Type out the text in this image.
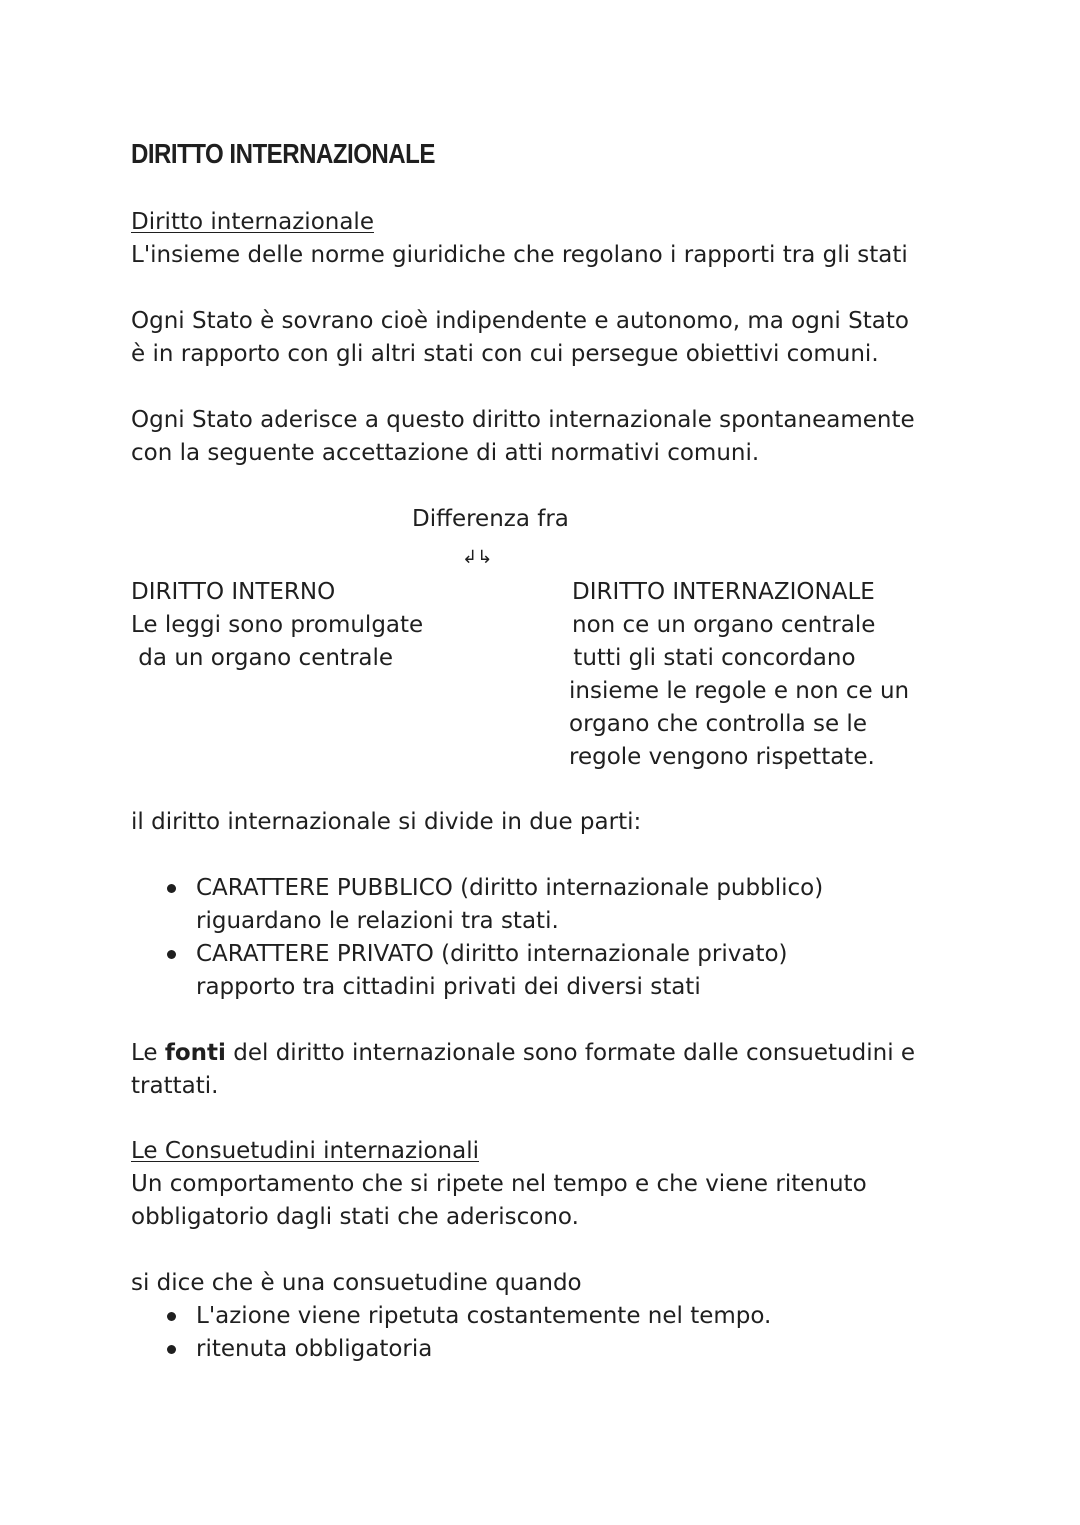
DIRITTO INTERNAZIONALE

Diritto internazionale

L'insieme delle norme giuridiche che regolano i rapporti tra gli stati

Ogni Stato è sovrano cioè indipendente e autonomo, ma ogni Stato

è in rapporto con gli altri stati con cui persegue obiettivi comuni.

Ogni Stato aderisce a questo diritto internazionale spontaneamente

con la seguente accettazione di atti normativi comuni.

Differenza fra

↲↳

DIRITTO INTERNO

Le leggi sono promulgate

da un organo centrale

DIRITTO INTERNAZIONALE

non ce un organo centrale

tutti gli stati concordano

insieme le regole e non ce un

organo che controlla se le

regole vengono rispettate.

il diritto internazionale si divide in due parti:

CARATTERE PUBBLICO (diritto internazionale pubblico)

riguardano le relazioni tra stati.

CARATTERE PRIVATO (diritto internazionale privato)

rapporto tra cittadini privati dei diversi stati

Le fonti del diritto internazionale sono formate dalle consuetudini e

trattati.

Le Consuetudini internazionali

Un comportamento che si ripete nel tempo e che viene ritenuto

obbligatorio dagli stati che aderiscono.

si dice che è una consuetudine quando

L'azione viene ripetuta costantemente nel tempo.

ritenuta obbligatoria
